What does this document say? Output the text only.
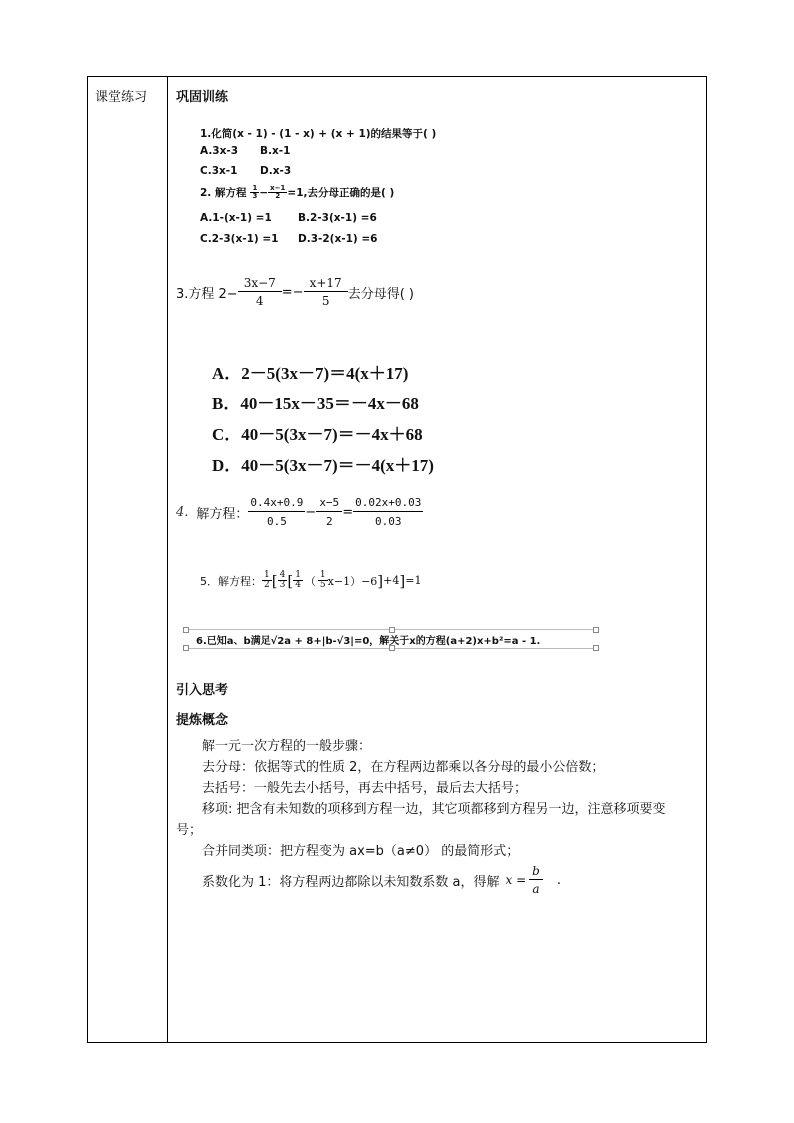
课堂练习 巩固训练
1.化简(x - 1) - (1 - x) + (x + 1)的结果等于( )
A.3x-3 B.x-1
C.3x-1 D.x-3
2. 解方程 $\frac{1}{3} - \frac{x-1}{2} =1$,去分母正确的是( )
A.1-(x-1) =1 B.2-3(x-1) =6
C.2-3(x-1) =1 D.3-2(x-1) =6
3.方程 $2- \frac{3x-7}{4} =- \frac{x+17}{5}$ 去分母得( )
A．2－5(3x－7)＝4(x＋17)
B．40－15x－35＝－4x－68
C．40－5(3x－7)＝－4x＋68
D．40－5(3x－7)＝－4(x＋17)
4. 解方程： $\frac{0.4x+0.9}{0.5} - \frac{x-5}{2} = \frac{0.02x+0.03}{0.03}$
5．解方程： $\frac{1}{2}$ [ $\frac{4}{3}$ [ $\frac{1}{4}$ （ $\frac{1}{5} x-1)-6$ ] +4 ] =1
6.已知a、b满足√2a + 8+|b-√3|=0，解关于x的方程(a+2)x+b²=a - 1.
引入思考
提炼概念
解一元一次方程的一般步骤：
去分母：依据等式的性质 2，在方程两边都乘以各分母的最小公倍数；
去括号：一般先去小括号，再去中括号，最后去大括号；
移项: 把含有未知数的项移到方程一边，其它项都移到方程另一边，注意移项要变
号；
合并同类项：把方程变为 ax=b（a≠0） 的最简形式；
系数化为 1：将方程两边都除以未知数系数 a，得解 $x = \frac{b}{a}$ .
